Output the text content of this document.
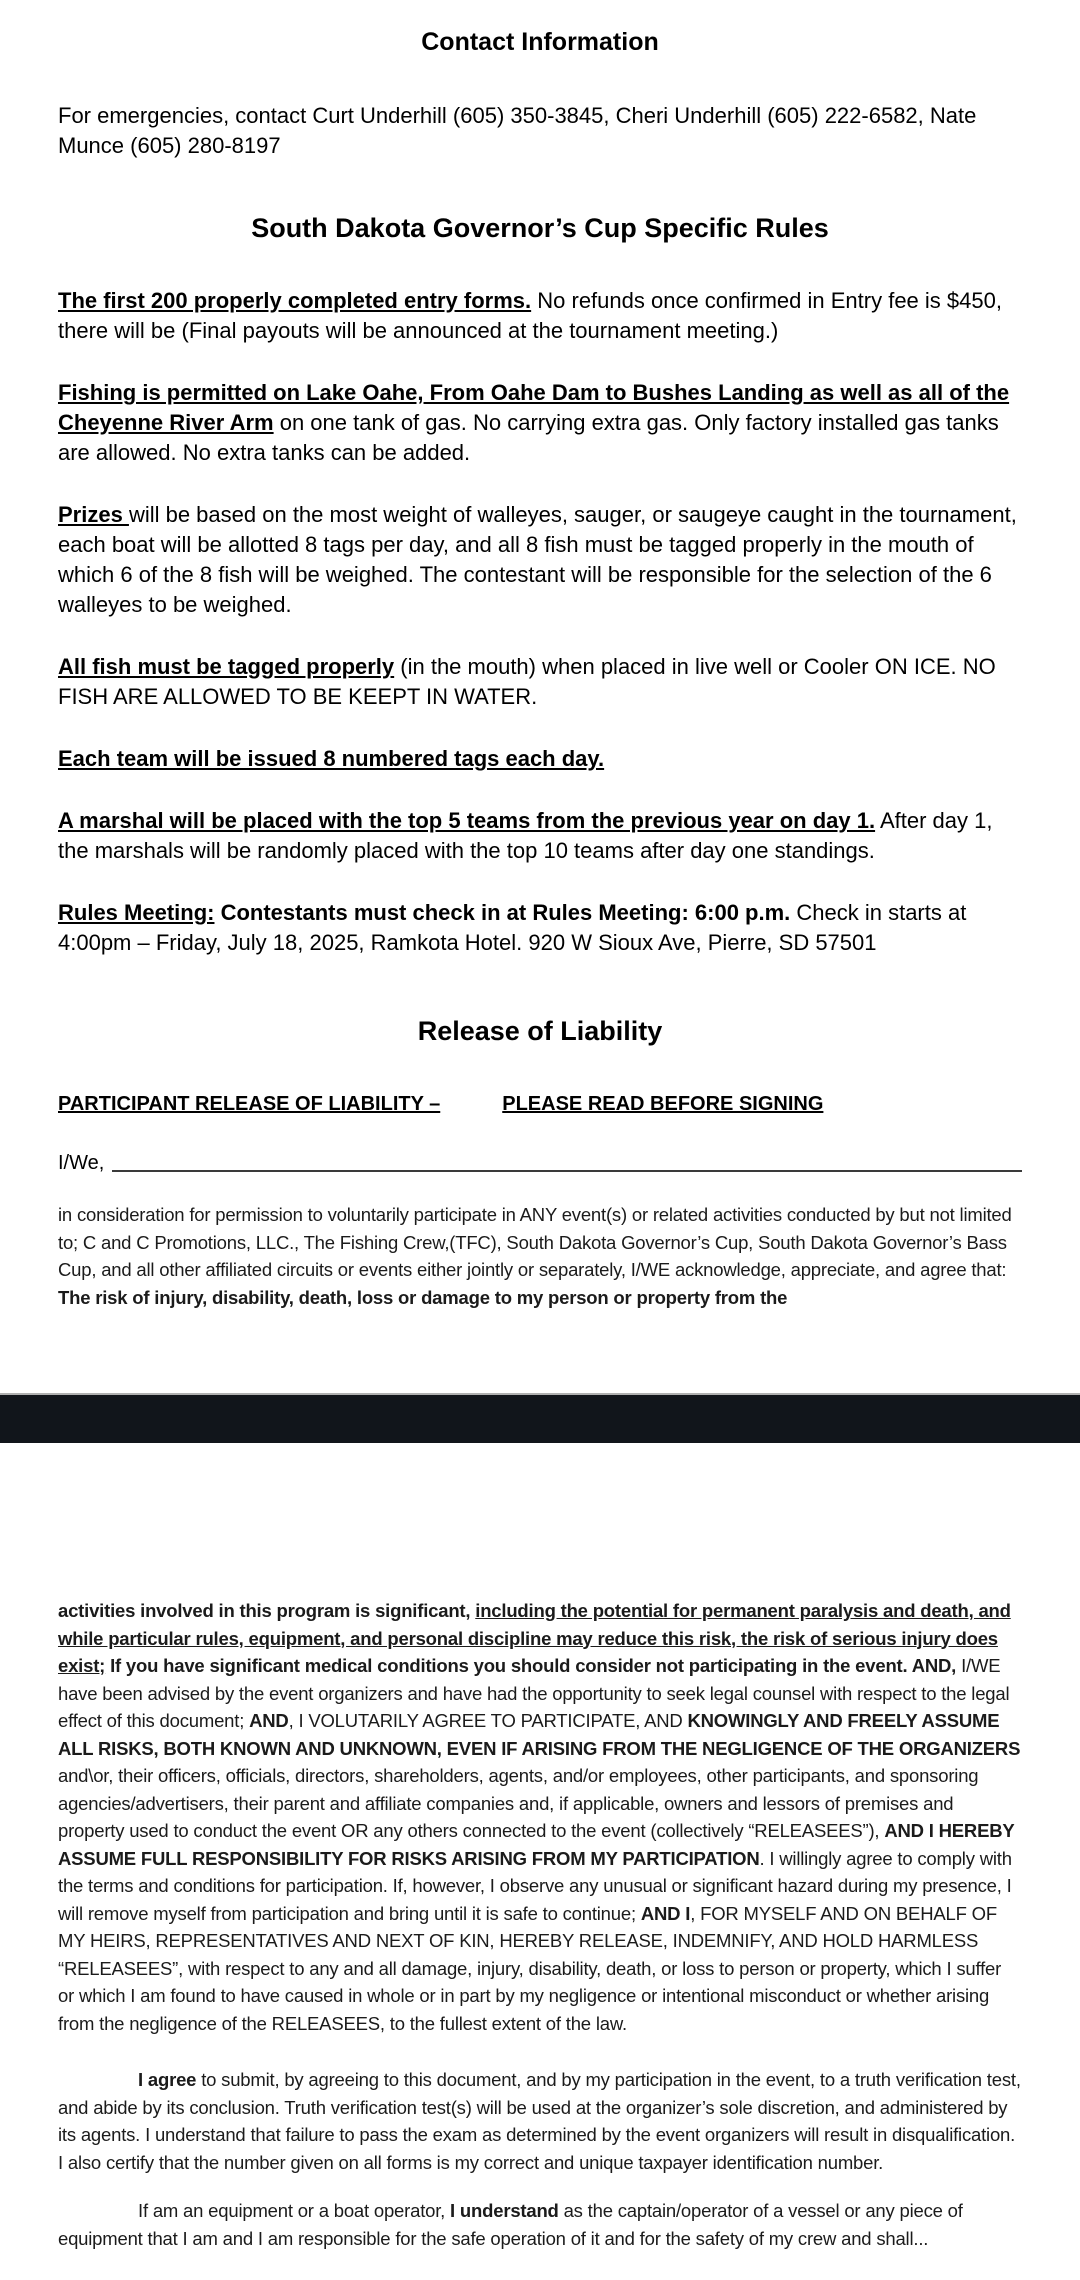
Contact Information

For emergencies, contact Curt Underhill (605) 350-3845, Cheri Underhill (605) 222-6582, Nate Munce (605) 280-8197

South Dakota Governor’s Cup Specific Rules

The first 200 properly completed entry forms. No refunds once confirmed in Entry fee is $450, there will be (Final payouts will be announced at the tournament meeting.)

Fishing is permitted on Lake Oahe, From Oahe Dam to Bushes Landing as well as all of the Cheyenne River Arm on one tank of gas. No carrying extra gas. Only factory installed gas tanks are allowed. No extra tanks can be added.

Prizes will be based on the most weight of walleyes, sauger, or saugeye caught in the tournament, each boat will be allotted 8 tags per day, and all 8 fish must be tagged properly in the mouth of which 6 of the 8 fish will be weighed. The contestant will be responsible for the selection of the 6 walleyes to be weighed.

All fish must be tagged properly (in the mouth) when placed in live well or Cooler ON ICE. NO FISH ARE ALLOWED TO BE KEEPT IN WATER.

Each team will be issued 8 numbered tags each day.

A marshal will be placed with the top 5 teams from the previous year on day 1. After day 1, the marshals will be randomly placed with the top 10 teams after day one standings.

Rules Meeting: Contestants must check in at Rules Meeting: 6:00 p.m. Check in starts at 4:00pm – Friday, July 18, 2025, Ramkota Hotel. 920 W Sioux Ave, Pierre, SD 57501

Release of Liability

PARTICIPANT RELEASE OF LIABILITY –	PLEASE READ BEFORE SIGNING

I/We,

in consideration for permission to voluntarily participate in ANY event(s) or related activities conducted by but not limited to; C and C Promotions, LLC., The Fishing Crew,(TFC), South Dakota Governor’s Cup, South Dakota Governor’s Bass Cup, and all other affiliated circuits or events either jointly or separately, I/WE acknowledge, appreciate, and agree that: The risk of injury, disability, death, loss or damage to my person or property from the

activities involved in this program is significant, including the potential for permanent paralysis and death, and while particular rules, equipment, and personal discipline may reduce this risk, the risk of serious injury does exist; If you have significant medical conditions you should consider not participating in the event. AND, I/WE have been advised by the event organizers and have had the opportunity to seek legal counsel with respect to the legal effect of this document; AND, I VOLUTARILY AGREE TO PARTICIPATE, AND KNOWINGLY AND FREELY ASSUME ALL RISKS, BOTH KNOWN AND UNKNOWN, EVEN IF ARISING FROM THE NEGLIGENCE OF THE ORGANIZERS and\or, their officers, officials, directors, shareholders, agents, and/or employees, other participants, and sponsoring agencies/advertisers, their parent and affiliate companies and, if applicable, owners and lessors of premises and property used to conduct the event OR any others connected to the event (collectively “RELEASEES”), AND I HEREBY ASSUME FULL RESPONSIBILITY FOR RISKS ARISING FROM MY PARTICIPATION. I willingly agree to comply with the terms and conditions for participation. If, however, I observe any unusual or significant hazard during my presence, I will remove myself from participation and bring until it is safe to continue; AND I, FOR MYSELF AND ON BEHALF OF MY HEIRS, REPRESENTATIVES AND NEXT OF KIN, HEREBY RELEASE, INDEMNIFY, AND HOLD HARMLESS “RELEASEES”, with respect to any and all damage, injury, disability, death, or loss to person or property, which I suffer or which I am found to have caused in whole or in part by my negligence or intentional misconduct or whether arising from the negligence of the RELEASEES, to the fullest extent of the law.

I agree to submit, by agreeing to this document, and by my participation in the event, to a truth verification test, and abide by its conclusion. Truth verification test(s) will be used at the organizer’s sole discretion, and administered by its agents. I understand that failure to pass the exam as determined by the event organizers will result in disqualification. I also certify that the number given on all forms is my correct and unique taxpayer identification number.

If am an equipment or a boat operator, I understand as the captain/operator of a vessel or any piece of equipment that I am and I am responsible for the safe operation of it and for the safety of my crew and shall...
